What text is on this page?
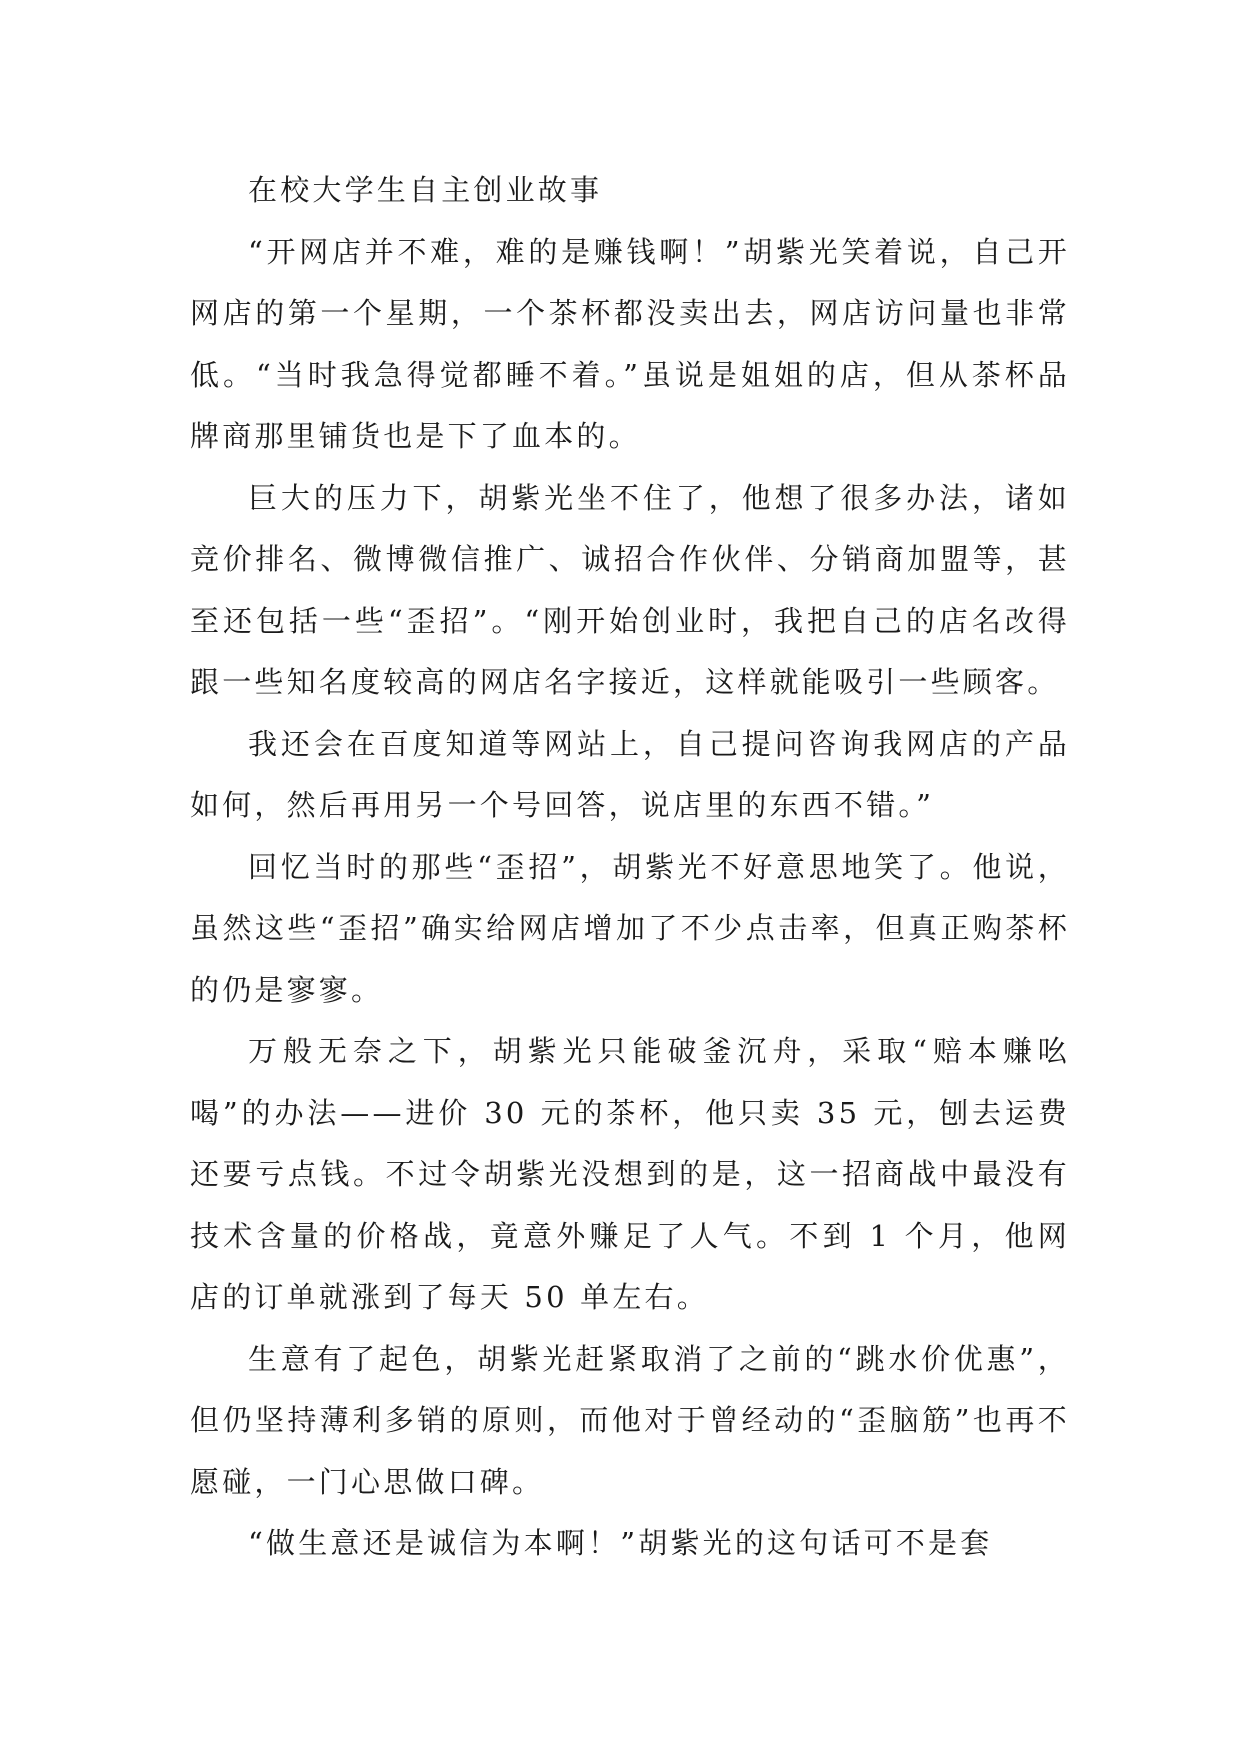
在校大学生自主创业故事

“开网店并不难，难的是赚钱啊！”胡紫光笑着说，自己开网店的第一个星期，一个茶杯都没卖出去，网店访问量也非常低。“当时我急得觉都睡不着。”虽说是姐姐的店，但从茶杯品牌商那里铺货也是下了血本的。

巨大的压力下，胡紫光坐不住了，他想了很多办法，诸如竞价排名、微博微信推广、诚招合作伙伴、分销商加盟等，甚至还包括一些“歪招”。“刚开始创业时，我把自己的店名改得跟一些知名度较高的网店名字接近，这样就能吸引一些顾客。

我还会在百度知道等网站上，自己提问咨询我网店的产品如何，然后再用另一个号回答，说店里的东西不错。”

回忆当时的那些“歪招”，胡紫光不好意思地笑了。他说，虽然这些“歪招”确实给网店增加了不少点击率，但真正购茶杯的仍是寥寥。

万般无奈之下，胡紫光只能破釜沉舟，采取“赔本赚吆喝”的办法——进价 30 元的茶杯，他只卖 35 元，刨去运费还要亏点钱。不过令胡紫光没想到的是，这一招商战中最没有技术含量的价格战，竟意外赚足了人气。不到 1 个月，他网店的订单就涨到了每天 50 单左右。

生意有了起色，胡紫光赶紧取消了之前的“跳水价优惠”，但仍坚持薄利多销的原则，而他对于曾经动的“歪脑筋”也再不愿碰，一门心思做口碑。

“做生意还是诚信为本啊！”胡紫光的这句话可不是套
